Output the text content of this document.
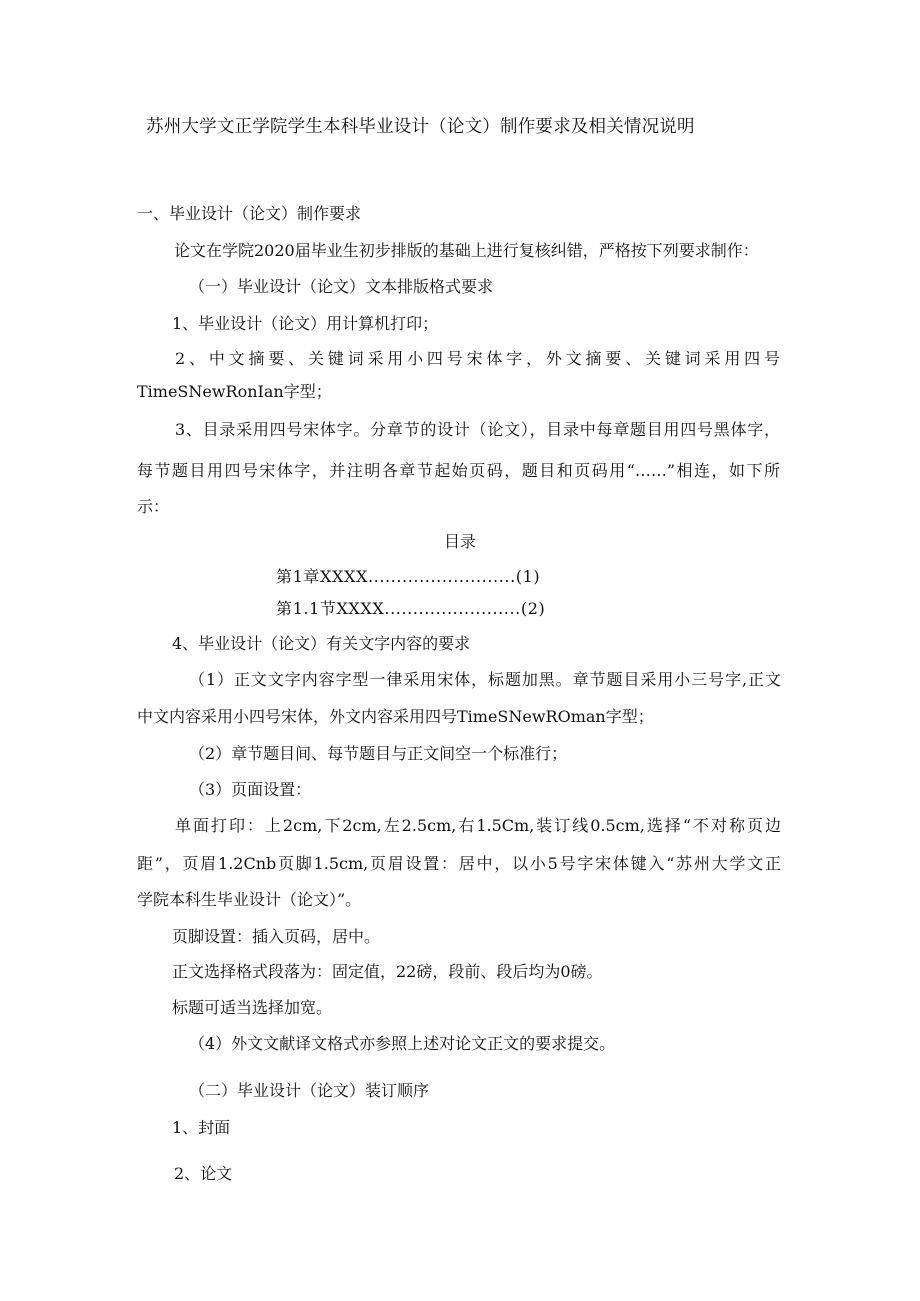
苏州大学文正学院学生本科毕业设计（论文）制作要求及相关情况说明
一、毕业设计（论文）制作要求
论文在学院2020届毕业生初步排版的基础上进行复核纠错，严格按下列要求制作：
（一）毕业设计（论文）文本排版格式要求
1、毕业设计（论文）用计算机打印；
2、中文摘要、关键词采用小四号宋体字，外文摘要、关键词采用四号
TimeSNewRonIan字型；
3、目录采用四号宋体字。分章节的设计（论文），目录中每章题目用四号黑体字，
每节题目用四号宋体字，并注明各章节起始页码，题目和页码用“……”相连，如下所
示：
目录
第1章XXXX..........................(1)
第1.1节XXXX........................(2)
4、毕业设计（论文）有关文字内容的要求
（1）正文文字内容字型一律采用宋体，标题加黑。章节题目采用小三号字,正文
中文内容采用小四号宋体，外文内容采用四号TimeSNewROman字型；
（2）章节题目间、每节题目与正文间空一个标准行；
（3）页面设置：
单面打印：上2cm,下2cm,左2.5cm,右1.5Cm,装订线0.5cm,选择“不对称页边
距”，页眉1.2Cnb页脚1.5cm,页眉设置：居中，以小5号字宋体键入“苏州大学文正
学院本科生毕业设计（论文）”。
页脚设置：插入页码，居中。
正文选择格式段落为：固定值，22磅，段前、段后均为0磅。
标题可适当选择加宽。
（4）外文文献译文格式亦参照上述对论文正文的要求提交。
（二）毕业设计（论文）装订顺序
1、封面
2、论文
